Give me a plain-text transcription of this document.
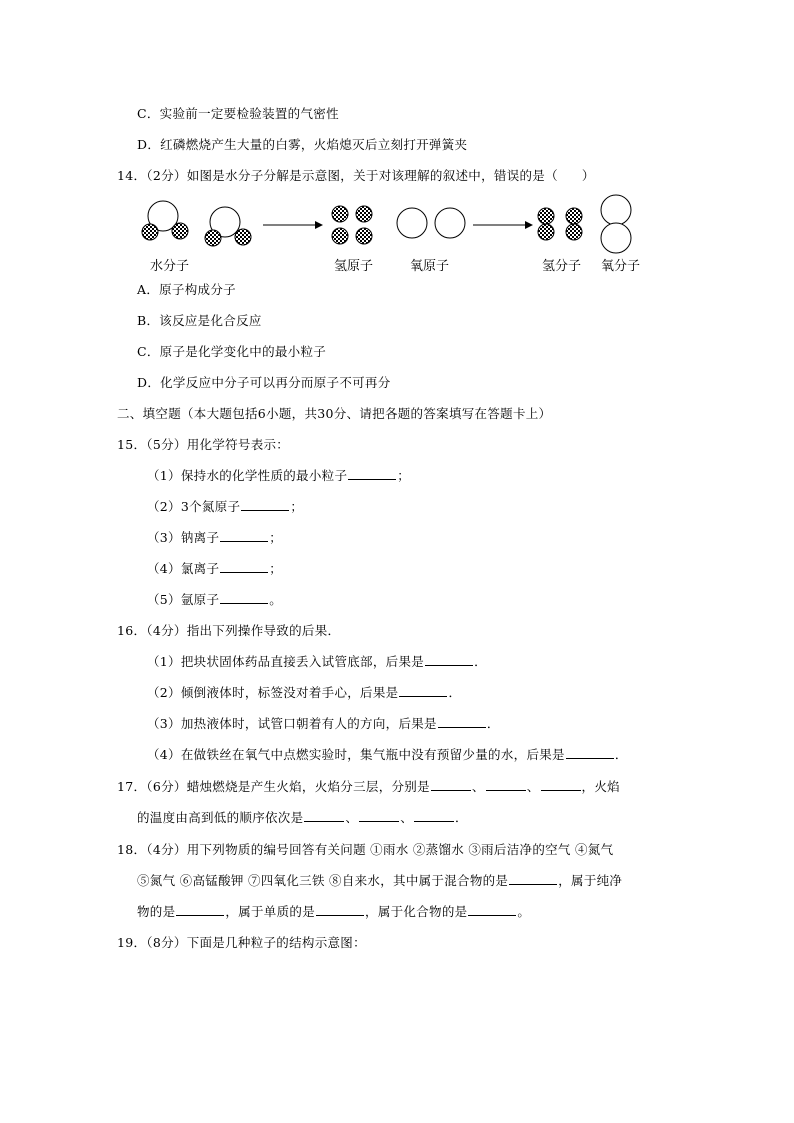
C．实验前一定要检验装置的气密性
D．红磷燃烧产生大量的白雾，火焰熄灭后立刻打开弹簧夹
14．（2分）如图是水分子分解是示意图，关于对该理解的叙述中，错误的是（ ）
水分子	氢原子	氧原子	氢分子 氧分子
A．原子构成分子
B．该反应是化合反应
C．原子是化学变化中的最小粒子
D．化学反应中分子可以再分而原子不可再分
二、填空题（本大题包括6小题，共30分、请把各题的答案填写在答题卡上）
15．（5分）用化学符号表示：
（1）保持水的化学性质的最小粒子	；
（2）3个氮原子	；
（3）钠离子	；
（4）氯离子	；
（5）氩原子	。
16．（4分）指出下列操作导致的后果．
（1）把块状固体药品直接丢入试管底部，后果是	．
（2）倾倒液体时，标签没对着手心，后果是	．
（3）加热液体时，试管口朝着有人的方向，后果是	．
（4）在做铁丝在氧气中点燃实验时，集气瓶中没有预留少量的水，后果是	．
17．（6分）蜡烛燃烧是产生火焰，火焰分三层，分别是	、	、	，火焰
的温度由高到低的顺序依次是	、	、	．
18．（4分）用下列物质的编号回答有关问题 ①雨水 ②蒸馏水 ③雨后洁净的空气 ④氮气
⑤氮气 ⑥高锰酸钾 ⑦四氧化三铁 ⑧自来水，其中属于混合物的是	，属于纯净
物的是	，属于单质的是	，属于化合物的是	。
19．（8分）下面是几种粒子的结构示意图：
